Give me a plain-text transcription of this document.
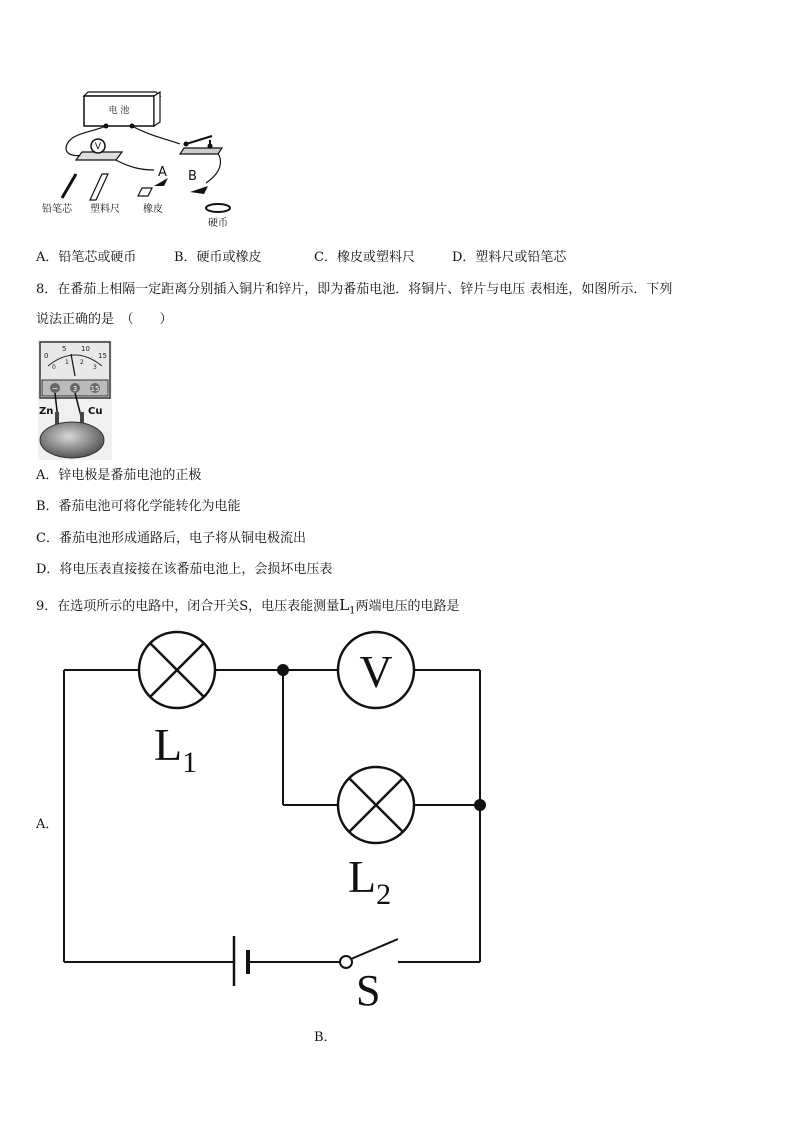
电 池
V
A B
铅笔芯 塑料尺 橡皮
硬币
A．铅笔芯或硬币	B．硬币或橡皮	C．橡皮或塑料尺	D．塑料尺或铅笔芯
8．在番茄上相隔一定距离分别插入铜片和锌片，即为番茄电池．将铜片、锌片与电压 表相连，如图所示．下列
说法正确的是　（　　）
0
5 10
15
0
1 2
3
− 3 15
Zn	Cu
A．锌电极是番茄电池的正极
B．番茄电池可将化学能转化为电能
C．番茄电池形成通路后，电子将从铜电极流出
D．将电压表直接接在该番茄电池上，会损坏电压表
9．在选项所示的电路中，闭合开关S，电压表能测量$L_1$两端电压的电路是
A．
$L_1$
V
$L_2$
S
B．
